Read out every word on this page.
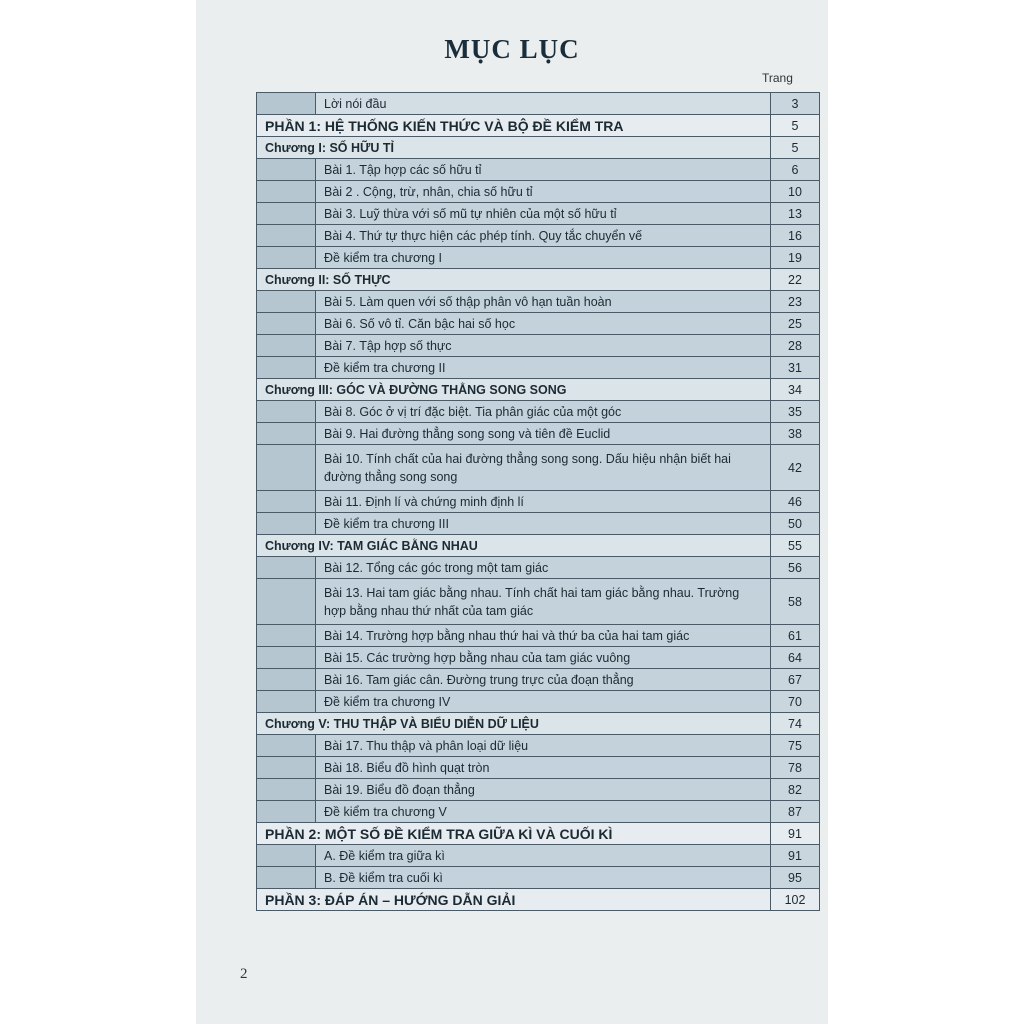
MỤC LỤC
Trang
	Lời nói đầu	3
PHẦN 1: HỆ THỐNG KIẾN THỨC VÀ BỘ ĐỀ KIỂM TRA		5
Chương I: SỐ HỮU TỈ		5
	Bài 1. Tập hợp các số hữu tỉ	6
	Bài 2 . Cộng, trừ, nhân, chia số hữu tỉ	10
	Bài 3. Luỹ thừa với số mũ tự nhiên của một số hữu tỉ	13
	Bài 4. Thứ tự thực hiện các phép tính. Quy tắc chuyển vế	16
	Đề kiểm tra chương I	19
Chương II: SỐ THỰC		22
	Bài 5. Làm quen với số thập phân vô hạn tuần hoàn	23
	Bài 6. Số vô tỉ. Căn bậc hai số học	25
	Bài 7. Tập hợp số thực	28
	Đề kiểm tra chương II	31
Chương III: GÓC VÀ ĐƯỜNG THẲNG SONG SONG		34
	Bài 8. Góc ở vị trí đặc biệt. Tia phân giác của một góc	35
	Bài 9. Hai đường thẳng song song và tiên đề Euclid	38
	Bài 10. Tính chất của hai đường thẳng song song. Dấu hiệu nhận biết hai đường thẳng song song	42
	Bài 11. Định lí và chứng minh định lí	46
	Đề kiểm tra chương III	50
Chương IV: TAM GIÁC BẰNG NHAU		55
	Bài 12. Tổng các góc trong một tam giác	56
	Bài 13. Hai tam giác bằng nhau. Tính chất hai tam giác bằng nhau. Trường hợp bằng nhau thứ nhất của tam giác	58
	Bài 14. Trường hợp bằng nhau thứ hai và thứ ba của hai tam giác	61
	Bài 15. Các trường hợp bằng nhau của tam giác vuông	64
	Bài 16. Tam giác cân. Đường trung trực của đoạn thẳng	67
	Đề kiểm tra chương IV	70
Chương V: THU THẬP VÀ BIỂU DIỄN DỮ LIỆU		74
	Bài 17. Thu thập và phân loại dữ liệu	75
	Bài 18. Biểu đồ hình quạt tròn	78
	Bài 19. Biểu đồ đoạn thẳng	82
	Đề kiểm tra chương V	87
PHẦN 2: MỘT SỐ ĐỀ KIỂM TRA GIỮA KÌ VÀ CUỐI KÌ		91
	A. Đề kiểm tra giữa kì	91
	B. Đề kiểm tra cuối kì	95
PHẦN 3: ĐÁP ÁN – HƯỚNG DẪN GIẢI		102
2
